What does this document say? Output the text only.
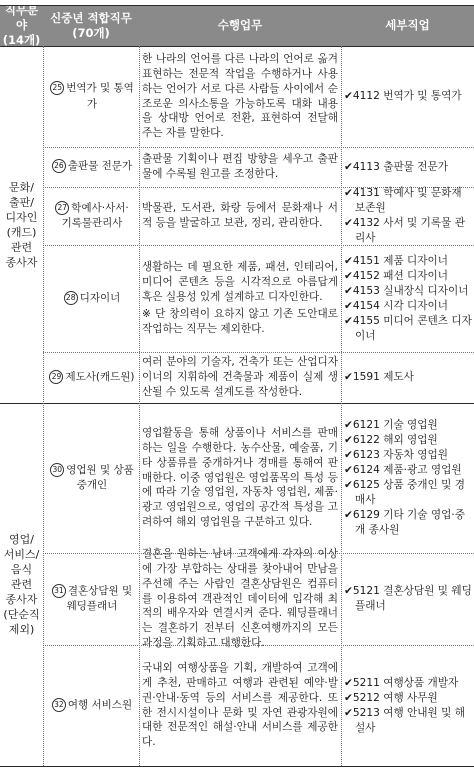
직무분야
(14개)
신중년 적합직무
(70개)
수행업무	세부직업
문화/
출판/
디자인
(캐드)
관련
종사자
영업/
서비스/
음식
관련
종사자
(단순직
제외)
25 번역가 및 통역가
한 나라의 언어를 다른 나라의 언어로 옮겨 표현하는 전문적 작업을 수행하거나 사용하는 언어가 서로 다른 사람들 사이에서 순조로운 의사소통을 가능하도록 대화 내용을 상대방 언어로 전환, 표현하여 전달해 주는 자를 말한다.
✔4112 번역가 및 통역가
26 출판물 전문가
출판물 기획이나 편집 방향을 세우고 출판물에 수록될 원고를 조정한다.
✔4113 출판물 전문가
27 학예사·사서·
기록물관리사
박물관, 도서관, 화랑 등에서 문화재나 서적 등을 발굴하고 보관, 정리, 관리한다.
✔4131 학예사 및 문화재 보존원
✔4132 사서 및 기록물 관리사
28 디자이너
생활하는 데 필요한 제품, 패션, 인테리어, 미디어 콘텐츠 등을 시각적으로 아름답게 혹은 실용성 있게 설계하고 디자인한다.
※ 단 창의력이 요하지 않고 기존 도안대로 작업하는 직무는 제외한다.
✔4151 제품 디자이너
✔4152 패션 디자이너
✔4153 실내장식 디자이너
✔4154 시각 디자이너
✔4155 미디어 콘텐츠 디자이너
29 제도사(캐드원)
여러 분야의 기술자, 건축가 또는 산업디자이너의 지휘하에 건축물과 제품이 실제 생산될 수 있도록 설계도를 작성한다.
✔1591 제도사
30 영업원 및 상품
중개인
영업활동을 통해 상품이나 서비스를 판매하는 일을 수행한다. 농수산물, 예술품, 기타 상품류를 중개하거나 경매를 통해여 판매한다. 이중 영업원은 영업품목의 특성 등에 따라 기술 영업원, 자동차 영업원, 제품·광고 영업원으로, 영업의 공간적 특성을 고려하여 해외 영업원을 구분하고 있다.
✔6121 기술 영업원
✔6122 해외 영업원
✔6123 자동차 영업원
✔6124 제품·광고 영업원
✔6125 상품 중개인 및 경매사
✔6129 기타 기술 영업·중개 종사원
31 결혼상담원 및
웨딩플래너
결혼을 원하는 남녀 고객에게 각자의 이상에 가장 부합하는 상대를 찾아내어 만남을 주선해 주는 사람인 결혼상담원은 컴퓨터를 이용하여 객관적인 데이터에 입각해 최적의 배우자와 연결시켜 준다. 웨딩플래너는 결혼하기 전부터 신혼여행까지의 모든 과정을 기획하고 대행한다.
✔5121 결혼상담원 및 웨딩 플래너
32 여행 서비스원
국내외 여행상품을 기획, 개발하여 고객에게 추천, 판매하고 여행과 관련된 예약·발권·안내·동역 등의 서비스를 제공한다. 또한 전시시설이나 문화 및 자연 관광자원에 대한 전문적인 해설·안내 서비스를 제공한다.
✔5211 여행상품 개발자
✔5212 여행 사무원
✔5213 여행 안내원 및 해설사
